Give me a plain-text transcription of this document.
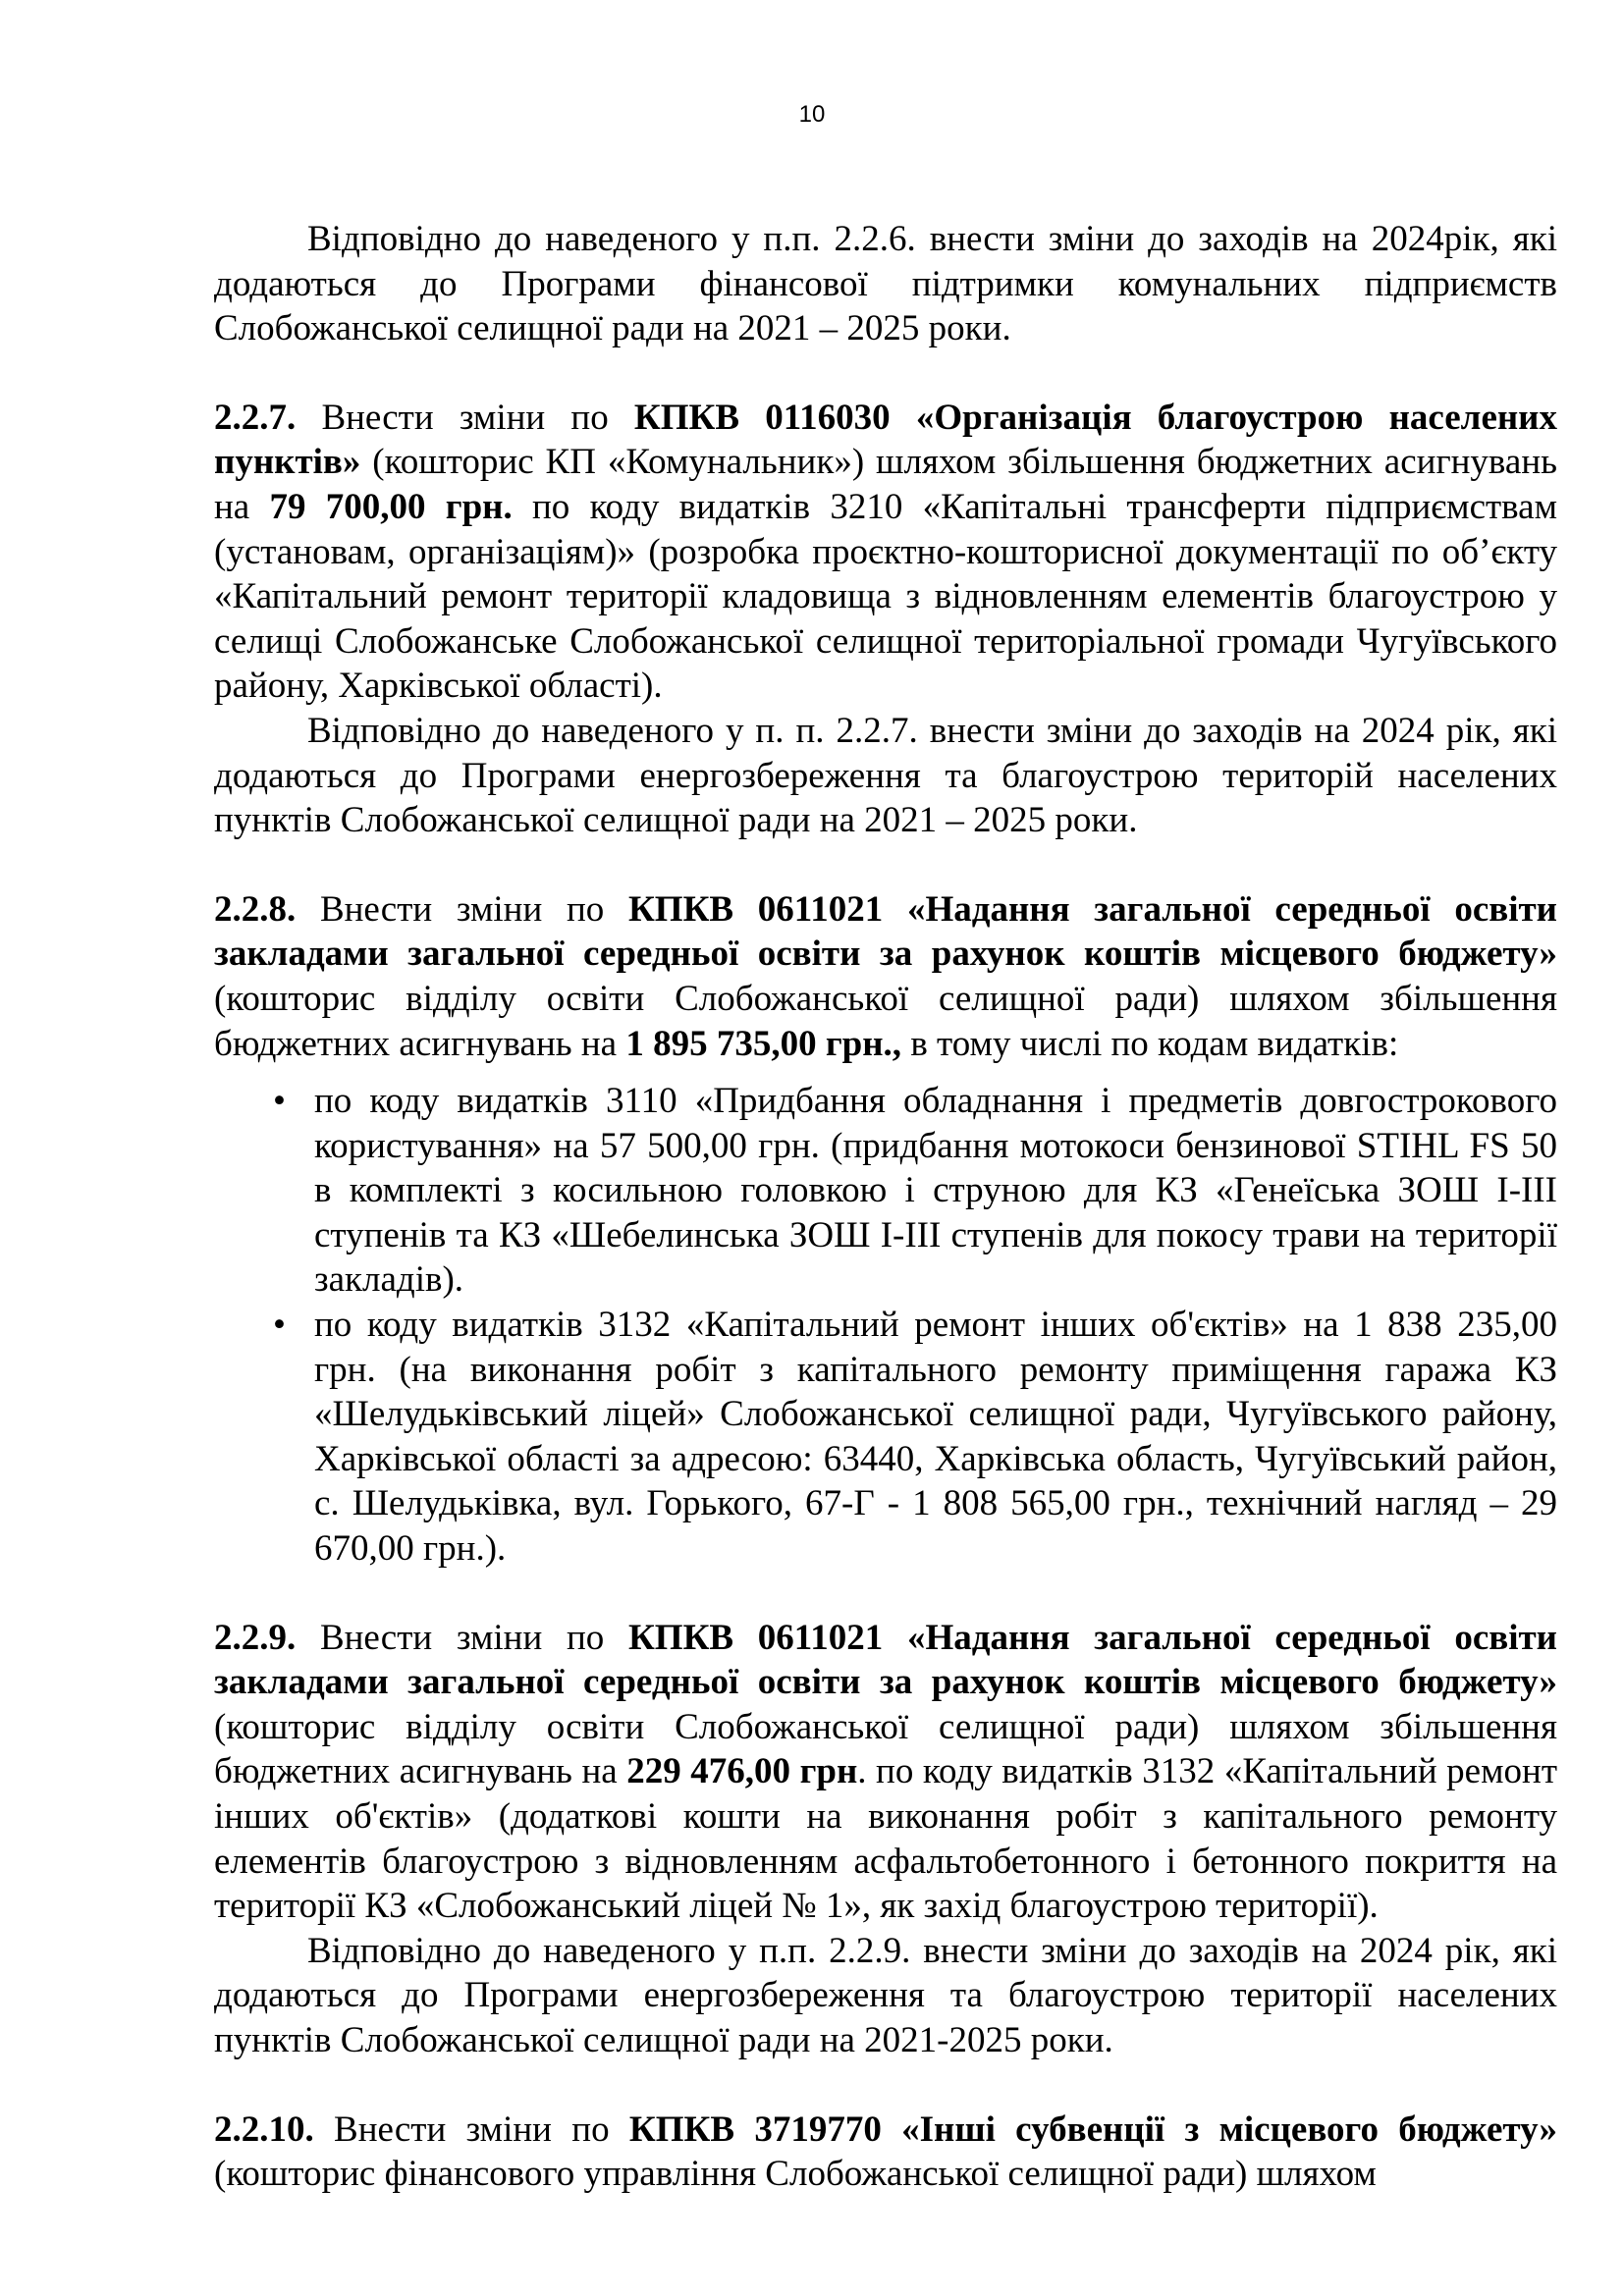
10

Відповідно до наведеного у п.п. 2.2.6. внести зміни до заходів на 2024рік, які додаються до Програми фінансової підтримки комунальних підприємств Слобожанської селищної ради на 2021 – 2025 роки.

2.2.7. Внести зміни по КПКВ 0116030 «Організація благоустрою населених пунктів» (кошторис КП «Комунальник») шляхом збільшення бюджетних асигнувань на 79 700,00 грн. по коду видатків 3210 «Капітальні трансферти підприємствам (установам, організаціям)» (розробка проєктно-кошторисної документації по об’єкту «Капітальний ремонт території кладовища з відновленням елементів благоустрою у селищі Слобожанське Слобожанської селищної територіальної громади Чугуївського району, Харківської області).

Відповідно до наведеного у п. п. 2.2.7. внести зміни до заходів на 2024 рік, які додаються до Програми енергозбереження та благоустрою територій населених пунктів Слобожанської селищної ради на 2021 – 2025 роки.

2.2.8. Внести зміни по КПКВ 0611021 «Надання загальної середньої освіти закладами загальної середньої освіти за рахунок коштів місцевого бюджету» (кошторис відділу освіти Слобожанської селищної ради) шляхом збільшення бюджетних асигнувань на 1 895 735,00 грн., в тому числі по кодам видатків:

• по коду видатків 3110 «Придбання обладнання і предметів довгострокового користування» на 57 500,00 грн. (придбання мотокоси бензинової STIHL FS 50 в комплекті з косильною головкою і струною для КЗ «Генеїська ЗОШ І-ІІІ ступенів та КЗ «Шебелинська ЗОШ І-ІІІ ступенів для покосу трави на території закладів).
• по коду видатків 3132 «Капітальний ремонт інших об'єктів» на 1 838 235,00 грн. (на виконання робіт з капітального ремонту приміщення гаража КЗ «Шелудьківський ліцей» Слобожанської селищної ради, Чугуївського району, Харківської області за адресою: 63440, Харківська область, Чугуївський район, с. Шелудьківка, вул. Горького, 67-Г - 1 808 565,00 грн., технічний нагляд – 29 670,00 грн.).

2.2.9. Внести зміни по КПКВ 0611021 «Надання загальної середньої освіти закладами загальної середньої освіти за рахунок коштів місцевого бюджету» (кошторис відділу освіти Слобожанської селищної ради) шляхом збільшення бюджетних асигнувань на 229 476,00 грн. по коду видатків 3132 «Капітальний ремонт інших об'єктів» (додаткові кошти на виконання робіт з капітального ремонту елементів благоустрою з відновленням асфальтобетонного і бетонного покриття на території КЗ «Слобожанський ліцей № 1», як захід благоустрою території).

Відповідно до наведеного у п.п. 2.2.9. внести зміни до заходів на 2024 рік, які додаються до Програми енергозбереження та благоустрою території населених пунктів Слобожанської селищної ради на 2021-2025 роки.

2.2.10. Внести зміни по КПКВ 3719770 «Інші субвенції з місцевого бюджету» (кошторис фінансового управління Слобожанської селищної ради) шляхом
